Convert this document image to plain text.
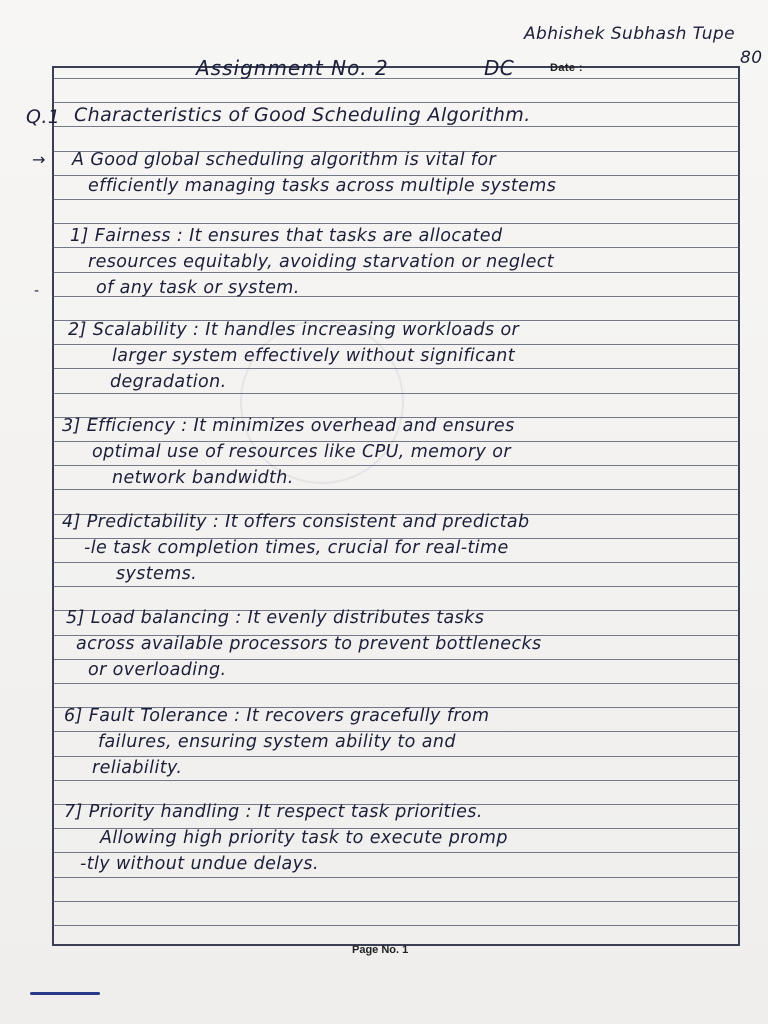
Abhishek Subhash Tupe
80
Assignment No. 2	DC	Date :
Q.1 Characteristics of Good Scheduling Algorithm.
→
-
A Good global scheduling algorithm is vital for
efficiently managing tasks across multiple systems
1] Fairness : It ensures that tasks are allocated
resources equitably, avoiding starvation or neglect
of any task or system.
2] Scalability : It handles increasing workloads or
larger system effectively without significant
degradation.
3] Efficiency : It minimizes overhead and ensures
optimal use of resources like CPU, memory or
network bandwidth.
4] Predictability : It offers consistent and predictab
-le task completion times, crucial for real-time
systems.
5] Load balancing : It evenly distributes tasks
across available processors to prevent bottlenecks
or overloading.
6] Fault Tolerance : It recovers gracefully from
failures, ensuring system ability to and
reliability.
7] Priority handling : It respect task priorities.
Allowing high priority task to execute promp
-tly without undue delays.
Page No. 1
